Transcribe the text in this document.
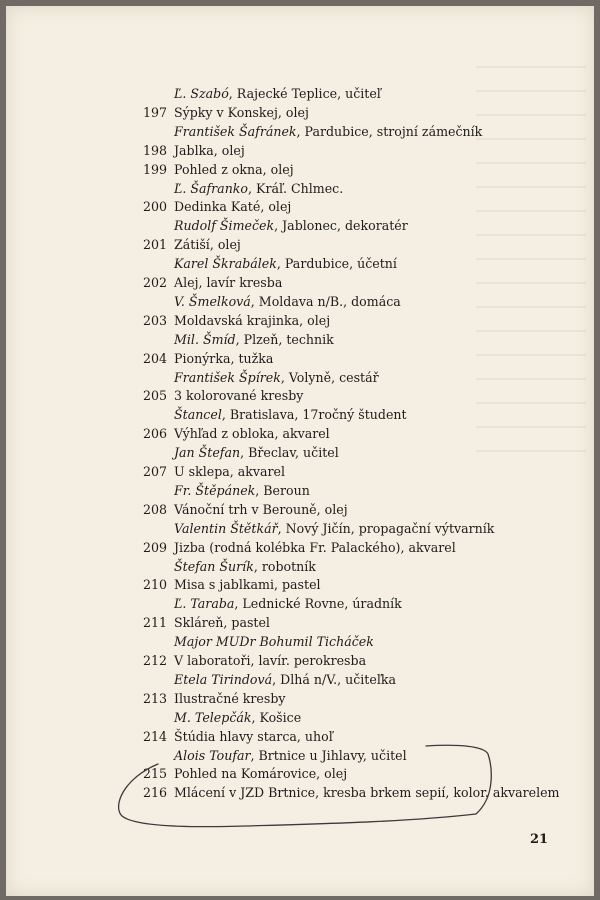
Ľ. Szabó, Rajecké Teplice, učiteľ
197 Sýpky v Konskej, olej
František Šafránek, Pardubice, strojní zámečník
198 Jablka, olej
199 Pohled z okna, olej
Ľ. Šafranko, Kráľ. Chlmec.
200 Dedinka Katé, olej
Rudolf Šimeček, Jablonec, dekoratér
201 Zátiší, olej
Karel Škrabálek, Pardubice, účetní
202 Alej, lavír kresba
V. Šmelková, Moldava n/B., domáca
203 Moldavská krajinka, olej
Mil. Šmíd, Plzeň, technik
204 Pionýrka, tužka
František Špírek, Volyně, cestář
205 3 kolorované kresby
Štancel, Bratislava, 17ročný študent
206 Výhľad z obloka, akvarel
Jan Štefan, Břeclav, učitel
207 U sklepa, akvarel
Fr. Štěpánek, Beroun
208 Vánoční trh v Berouně, olej
Valentin Štětkář, Nový Jičín, propagační výtvarník
209 Jizba (rodná kolébka Fr. Palackého), akvarel
Štefan Šurík, robotník
210 Misa s jablkami, pastel
Ľ. Taraba, Lednické Rovne, úradník
211 Skláreň, pastel
Major MUDr Bohumil Ticháček
212 V laboratoři, lavír. perokresba
Etela Tirindová, Dlhá n/V., učiteľka
213 Ilustračné kresby
M. Telepčák, Košice
214 Štúdia hlavy starca, uhoľ
Alois Toufar, Brtnice u Jihlavy, učitel
215 Pohled na Komárovice, olej
216 Mlácení v JZD Brtnice, kresba brkem sepií, kolor. akvarelem
21
